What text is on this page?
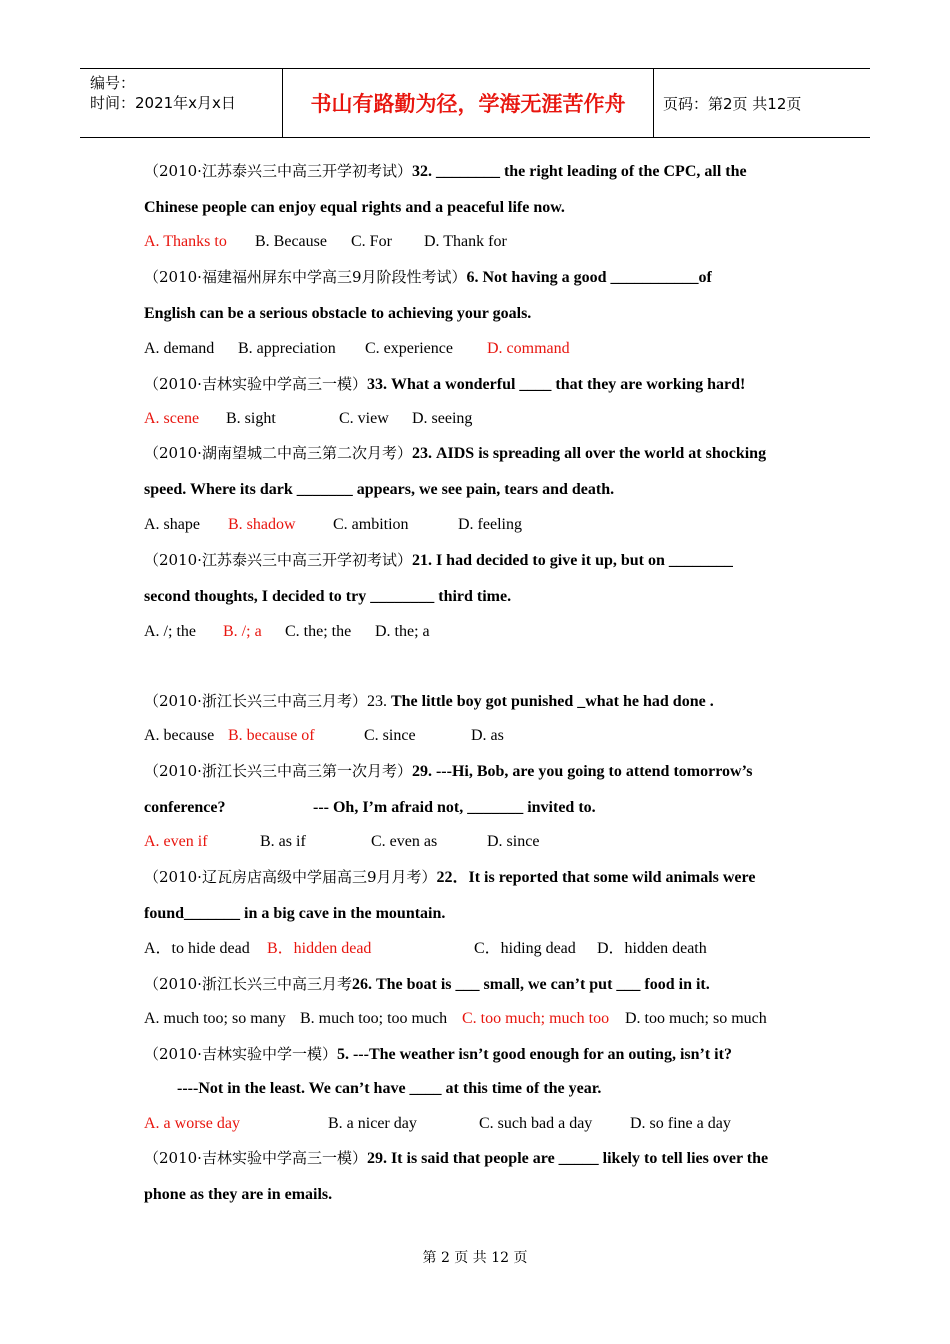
编号：
时间：2021年x月x日	书山有路勤为径，学海无涯苦作舟	页码：第2页 共12页
（2010·江苏泰兴三中高三开学初考试）32. ________ the right leading of the CPC, all the
Chinese people can enjoy equal rights and a peaceful life now.
A. Thanks to B. Because C. For D. Thank for
（2010·福建福州屏东中学高三9月阶段性考试）6. Not having a good ___________of
English can be a serious obstacle to achieving your goals.
A. demand B. appreciation C. experience D. command
（2010·吉林实验中学高三一模）33. What a wonderful ____ that they are working hard!
A. scene B. sight	C. view D. seeing
（2010·湖南望城二中高三第二次月考）23. AIDS is spreading all over the world at shocking
speed. Where its dark _______ appears, we see pain, tears and death.
A. shape B. shadow C. ambition	D. feeling
（2010·江苏泰兴三中高三开学初考试）21. I had decided to give it up, but on ________
second thoughts, I decided to try ________ third time.
A. /; the B. /; a C. the; the D. the; a
（2010·浙江长兴三中高三月考）23. The little boy got punished _what he had done .
A. because B. because of	C. since	D. as
（2010·浙江长兴三中高三第一次月考）29. ---Hi, Bob, are you going to attend tomorrow’s
conference?	--- Oh, I’m afraid not, _______ invited to.
A. even if	B. as if	C. even as	D. since
（2010·辽瓦房店高级中学届高三9月月考）22．It is reported that some wild animals were
found_______ in a big cave in the mountain.
A．to hide dead B．hidden dead	C．hiding dead D．hidden death
（2010·浙江长兴三中高三月考26. The boat is ___ small, we can’t put ___ food in it.
A. much too; so many B. much too; too much C. too much; much too D. too much; so much
（2010·吉林实验中学一模）5. ---The weather isn’t good enough for an outing, isn’t it?
----Not in the least. We can’t have ____ at this time of the year.
A. a worse day	B. a nicer day	C. such bad a day D. so fine a day
（2010·吉林实验中学高三一模）29. It is said that people are _____ likely to tell lies over the
phone as they are in emails.
第 2 页 共 12 页
